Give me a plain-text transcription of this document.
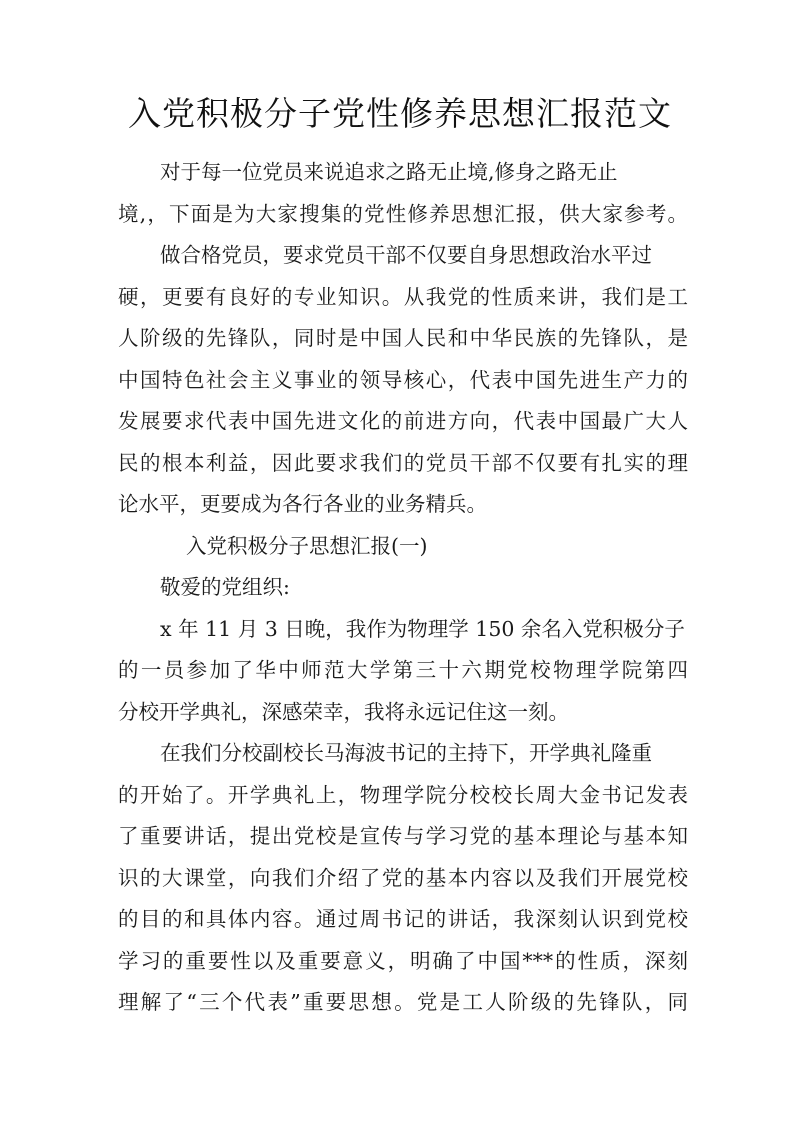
入党积极分子党性修养思想汇报范文
对于每一位党员来说追求之路无止境,修身之路无止
境,，下面是为大家搜集的党性修养思想汇报，供大家参考。
做合格党员，要求党员干部不仅要自身思想政治水平过
硬，更要有良好的专业知识。从我党的性质来讲，我们是工
人阶级的先锋队，同时是中国人民和中华民族的先锋队，是
中国特色社会主义事业的领导核心，代表中国先进生产力的
发展要求代表中国先进文化的前进方向，代表中国最广大人
民的根本利益，因此要求我们的党员干部不仅要有扎实的理
论水平，更要成为各行各业的业务精兵。
入党积极分子思想汇报(一)
敬爱的党组织:
x 年 11 月 3 日晚，我作为物理学 150 余名入党积极分子
的一员参加了华中师范大学第三十六期党校物理学院第四
分校开学典礼，深感荣幸，我将永远记住这一刻。
在我们分校副校长马海波书记的主持下，开学典礼隆重
的开始了。开学典礼上，物理学院分校校长周大金书记发表
了重要讲话，提出党校是宣传与学习党的基本理论与基本知
识的大课堂，向我们介绍了党的基本内容以及我们开展党校
的目的和具体内容。通过周书记的讲话，我深刻认识到党校
学习的重要性以及重要意义，明确了中国***的性质，深刻
理解了“三个代表”重要思想。党是工人阶级的先锋队，同
